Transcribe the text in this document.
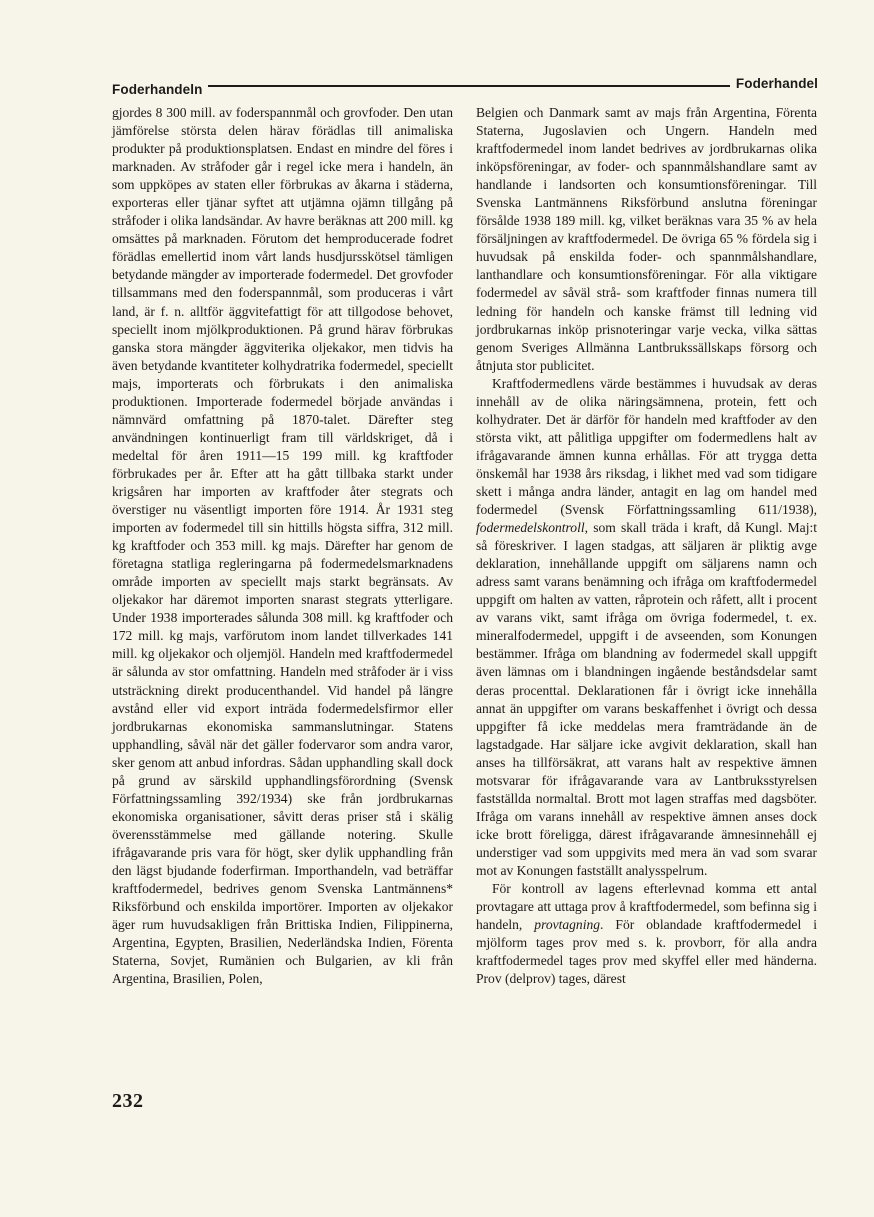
Foderhandeln	Foderhandel

gjordes 8 300 mill. av foderspannmål och grovfoder. Den utan jämförelse största delen härav förädlas till animaliska produkter på produktionsplatsen. Endast en mindre del föres i marknaden. Av stråfoder går i regel icke mera i handeln, än som uppköpes av staten eller förbrukas av åkarna i städerna, exporteras eller tjänar syftet att utjämna ojämn tillgång på stråfoder i olika landsändar. Av havre beräknas att 200 mill. kg omsättes på marknaden. Förutom det hemproducerade fodret förädlas emellertid inom vårt lands husdjursskötsel tämligen betydande mängder av importerade fodermedel. Det grovfoder tillsammans med den foderspannmål, som produceras i vårt land, är f. n. alltför äggvitefattigt för att tillgodose behovet, speciellt inom mjölkproduktionen. På grund härav förbrukas ganska stora mängder äggviterika oljekakor, men tidvis ha även betydande kvantiteter kolhydratrika fodermedel, speciellt majs, importerats och förbrukats i den animaliska produktionen. Importerade fodermedel började användas i nämnvärd omfattning på 1870-talet. Därefter steg användningen kontinuerligt fram till världskriget, då i medeltal för åren 1911—15 199 mill. kg kraftfoder förbrukades per år. Efter att ha gått tillbaka starkt under krigsåren har importen av kraftfoder åter stegrats och överstiger nu väsentligt importen före 1914. År 1931 steg importen av fodermedel till sin hittills högsta siffra, 312 mill. kg kraftfoder och 353 mill. kg majs. Därefter har genom de företagna statliga regleringarna på fodermedelsmarknadens område importen av speciellt majs starkt begränsats. Av oljekakor har däremot importen snarast stegrats ytterligare. Under 1938 importerades sålunda 308 mill. kg kraftfoder och 172 mill. kg majs, varförutom inom landet tillverkades 141 mill. kg oljekakor och oljemjöl. Handeln med kraftfodermedel är sålunda av stor omfattning. Handeln med stråfoder är i viss utsträckning direkt producenthandel. Vid handel på längre avstånd eller vid export inträda fodermedelsfirmor eller jordbrukarnas ekonomiska sammanslutningar. Statens upphandling, såväl när det gäller fodervaror som andra varor, sker genom att anbud infordras. Sådan upphandling skall dock på grund av särskild upphandlingsförordning (Svensk Författningssamling 392/1934) ske från jordbrukarnas ekonomiska organisationer, såvitt deras priser stå i skälig överensstämmelse med gällande notering. Skulle ifrågavarande pris vara för högt, sker dylik upphandling från den lägst bjudande foderfirman. Importhandeln, vad beträffar kraftfodermedel, bedrives genom Svenska Lantmännens* Riksförbund och enskilda importörer. Importen av oljekakor äger rum huvudsakligen från Brittiska Indien, Filippinerna, Argentina, Egypten, Brasilien, Nederländska Indien, Förenta Staterna, Sovjet, Rumänien och Bulgarien, av kli från Argentina, Brasilien, Polen,

Belgien och Danmark samt av majs från Argentina, Förenta Staterna, Jugoslavien och Ungern. Handeln med kraftfodermedel inom landet bedrives av jordbrukarnas olika inköpsföreningar, av foder- och spannmålshandlare samt av handlande i landsorten och konsumtionsföreningar. Till Svenska Lantmännens Riksförbund anslutna föreningar försålde 1938 189 mill. kg, vilket beräknas vara 35 % av hela försäljningen av kraftfodermedel. De övriga 65 % fördela sig i huvudsak på enskilda foder- och spannmålshandlare, lanthandlare och konsumtionsföreningar. För alla viktigare fodermedel av såväl strå- som kraftfoder finnas numera till ledning för handeln och kanske främst till ledning vid jordbrukarnas inköp prisnoteringar varje vecka, vilka sättas genom Sveriges Allmänna Lantbrukssällskaps försorg och åtnjuta stor publicitet.

Kraftfodermedlens värde bestämmes i huvudsak av deras innehåll av de olika näringsämnena, protein, fett och kolhydrater. Det är därför för handeln med kraftfoder av den största vikt, att pålitliga uppgifter om fodermedlens halt av ifrågavarande ämnen kunna erhållas. För att trygga detta önskemål har 1938 års riksdag, i likhet med vad som tidigare skett i många andra länder, antagit en lag om handel med fodermedel (Svensk Författningssamling 611/1938), fodermedelskontroll, som skall träda i kraft, då Kungl. Maj:t så föreskriver. I lagen stadgas, att säljaren är pliktig avge deklaration, innehållande uppgift om säljarens namn och adress samt varans benämning och ifråga om kraftfodermedel uppgift om halten av vatten, råprotein och råfett, allt i procent av varans vikt, samt ifråga om övriga fodermedel, t. ex. mineralfodermedel, uppgift i de avseenden, som Konungen bestämmer. Ifråga om blandning av fodermedel skall uppgift även lämnas om i blandningen ingående beståndsdelar samt deras procenttal. Deklarationen får i övrigt icke innehålla annat än uppgifter om varans beskaffenhet i övrigt och dessa uppgifter få icke meddelas mera framträdande än de lagstadgade. Har säljare icke avgivit deklaration, skall han anses ha tillförsäkrat, att varans halt av respektive ämnen motsvarar för ifrågavarande vara av Lantbruksstyrelsen fastställda normaltal. Brott mot lagen straffas med dagsböter. Ifråga om varans innehåll av respektive ämnen anses dock icke brott föreligga, därest ifrågavarande ämnesinnehåll ej understiger vad som uppgivits med mera än vad som svarar mot av Konungen fastställt analysspelrum.

För kontroll av lagens efterlevnad komma ett antal provtagare att uttaga prov å kraftfodermedel, som befinna sig i handeln, provtagning. För oblandade kraftfodermedel i mjölform tages prov med s. k. provborr, för alla andra kraftfodermedel tages prov med skyffel eller med händerna. Prov (delprov) tages, därest

232
